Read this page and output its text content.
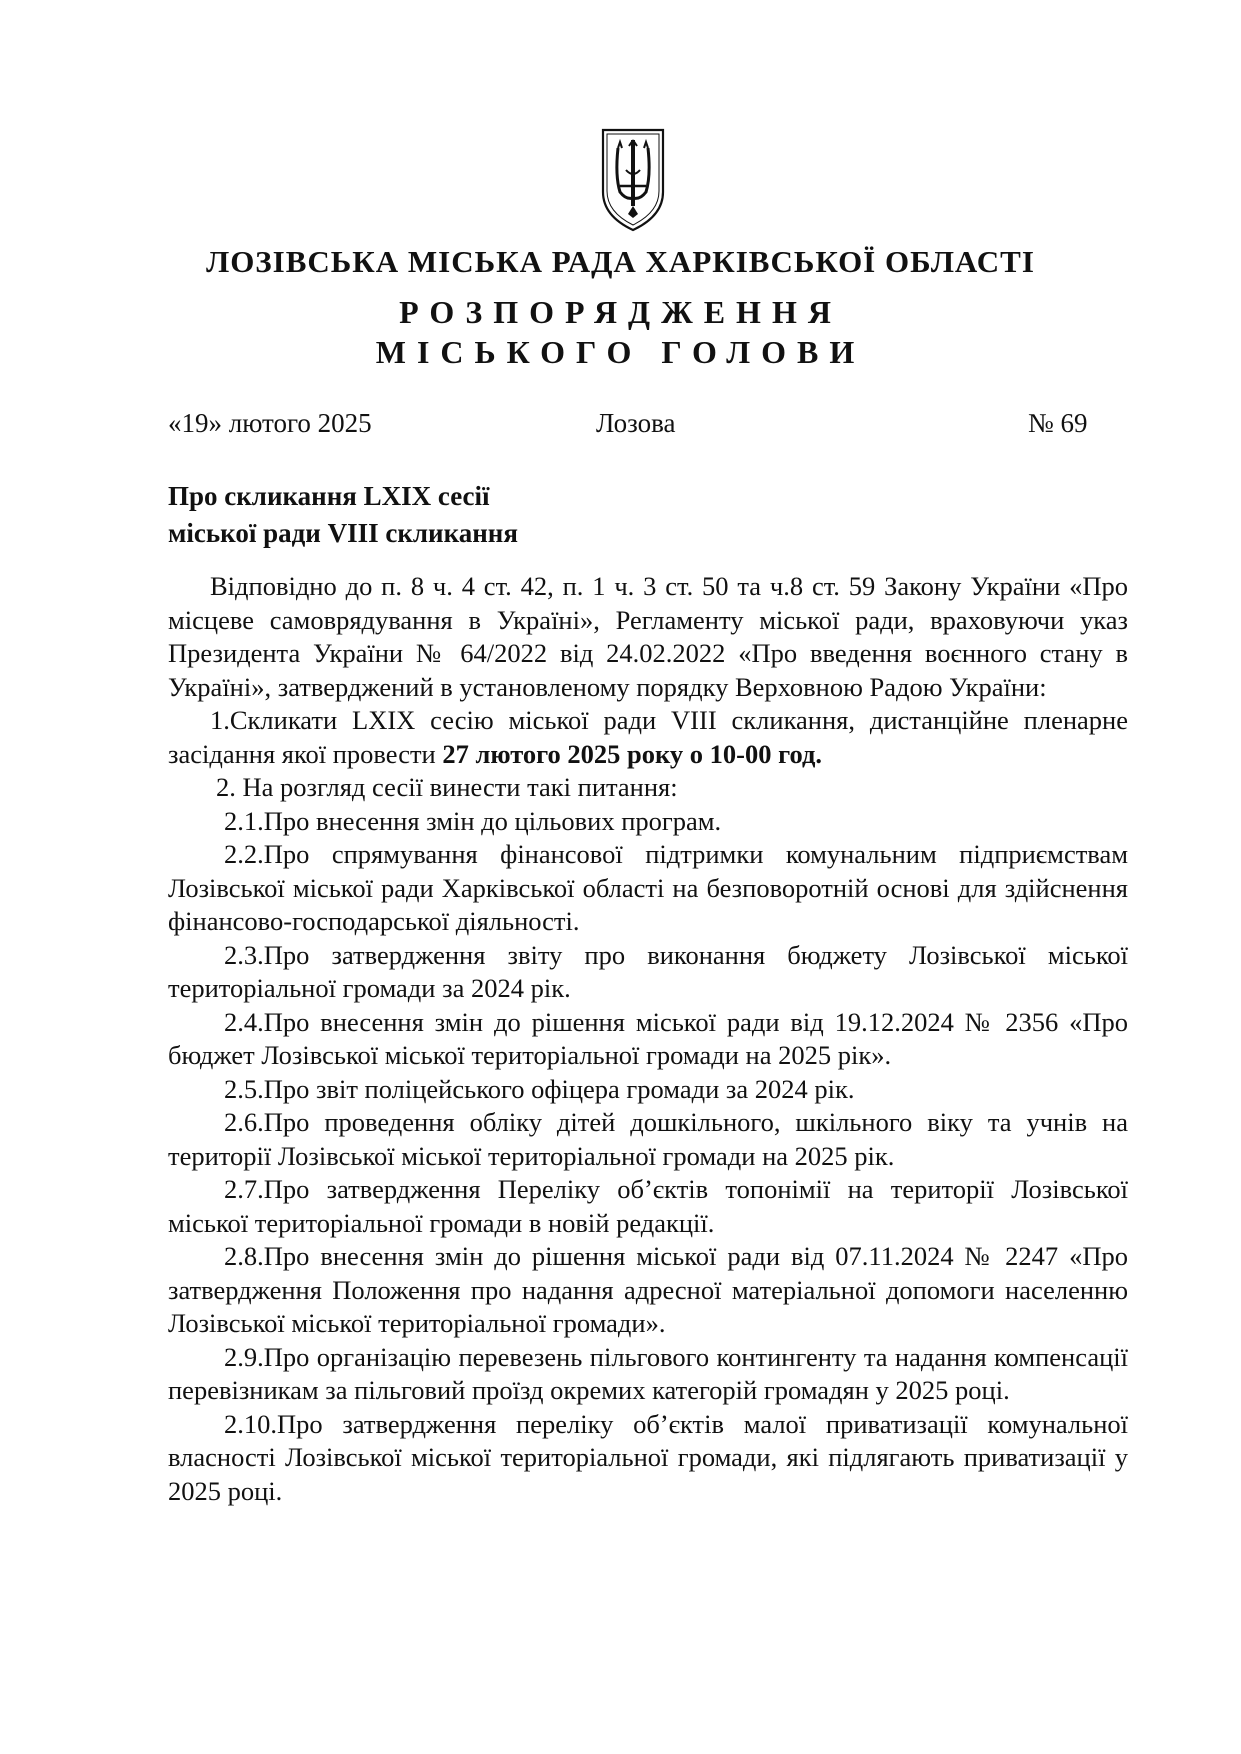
ЛОЗІВСЬКА МІСЬКА РАДА ХАРКІВСЬКОЇ ОБЛАСТІ
РОЗПОРЯДЖЕННЯ
МІСЬКОГО ГОЛОВИ
«19» лютого 2025	Лозова	№ 69
Про скликання LXIX сесії
міської ради VIII скликання

Відповідно до п. 8 ч. 4 ст. 42, п. 1 ч. 3 ст. 50 та ч.8 ст. 59 Закону України «Про місцеве самоврядування в Україні», Регламенту міської ради, враховуючи указ Президента України № 64/2022 від 24.02.2022 «Про введення воєнного стану в Україні», затверджений в установленому порядку Верховною Радою України:

1.Скликати LXIX сесію міської ради VIII скликання, дистанційне пленарне засідання якої провести 27 лютого 2025 року о 10-00 год.

2. На розгляд сесії винести такі питання:

2.1.Про внесення змін до цільових програм.

2.2.Про спрямування фінансової підтримки комунальним підприємствам Лозівської міської ради Харківської області на безповоротній основі для здійснення фінансово-господарської діяльності.

2.3.Про затвердження звіту про виконання бюджету Лозівської міської територіальної громади за 2024 рік.

2.4.Про внесення змін до рішення міської ради від 19.12.2024 № 2356 «Про бюджет Лозівської міської територіальної громади на 2025 рік».

2.5.Про звіт поліцейського офіцера громади за 2024 рік.

2.6.Про проведення обліку дітей дошкільного, шкільного віку та учнів на території Лозівської міської територіальної громади на 2025 рік.

2.7.Про затвердження Переліку об’єктів топонімії на території Лозівської міської територіальної громади в новій редакції.

2.8.Про внесення змін до рішення міської ради від 07.11.2024 № 2247 «Про затвердження Положення про надання адресної матеріальної допомоги населенню Лозівської міської територіальної громади».

2.9.Про організацію перевезень пільгового контингенту та надання компенсації перевізникам за пільговий проїзд окремих категорій громадян у 2025 році.

2.10.Про затвердження переліку об’єктів малої приватизації комунальної власності Лозівської міської територіальної громади, які підлягають приватизації у 2025 році.
